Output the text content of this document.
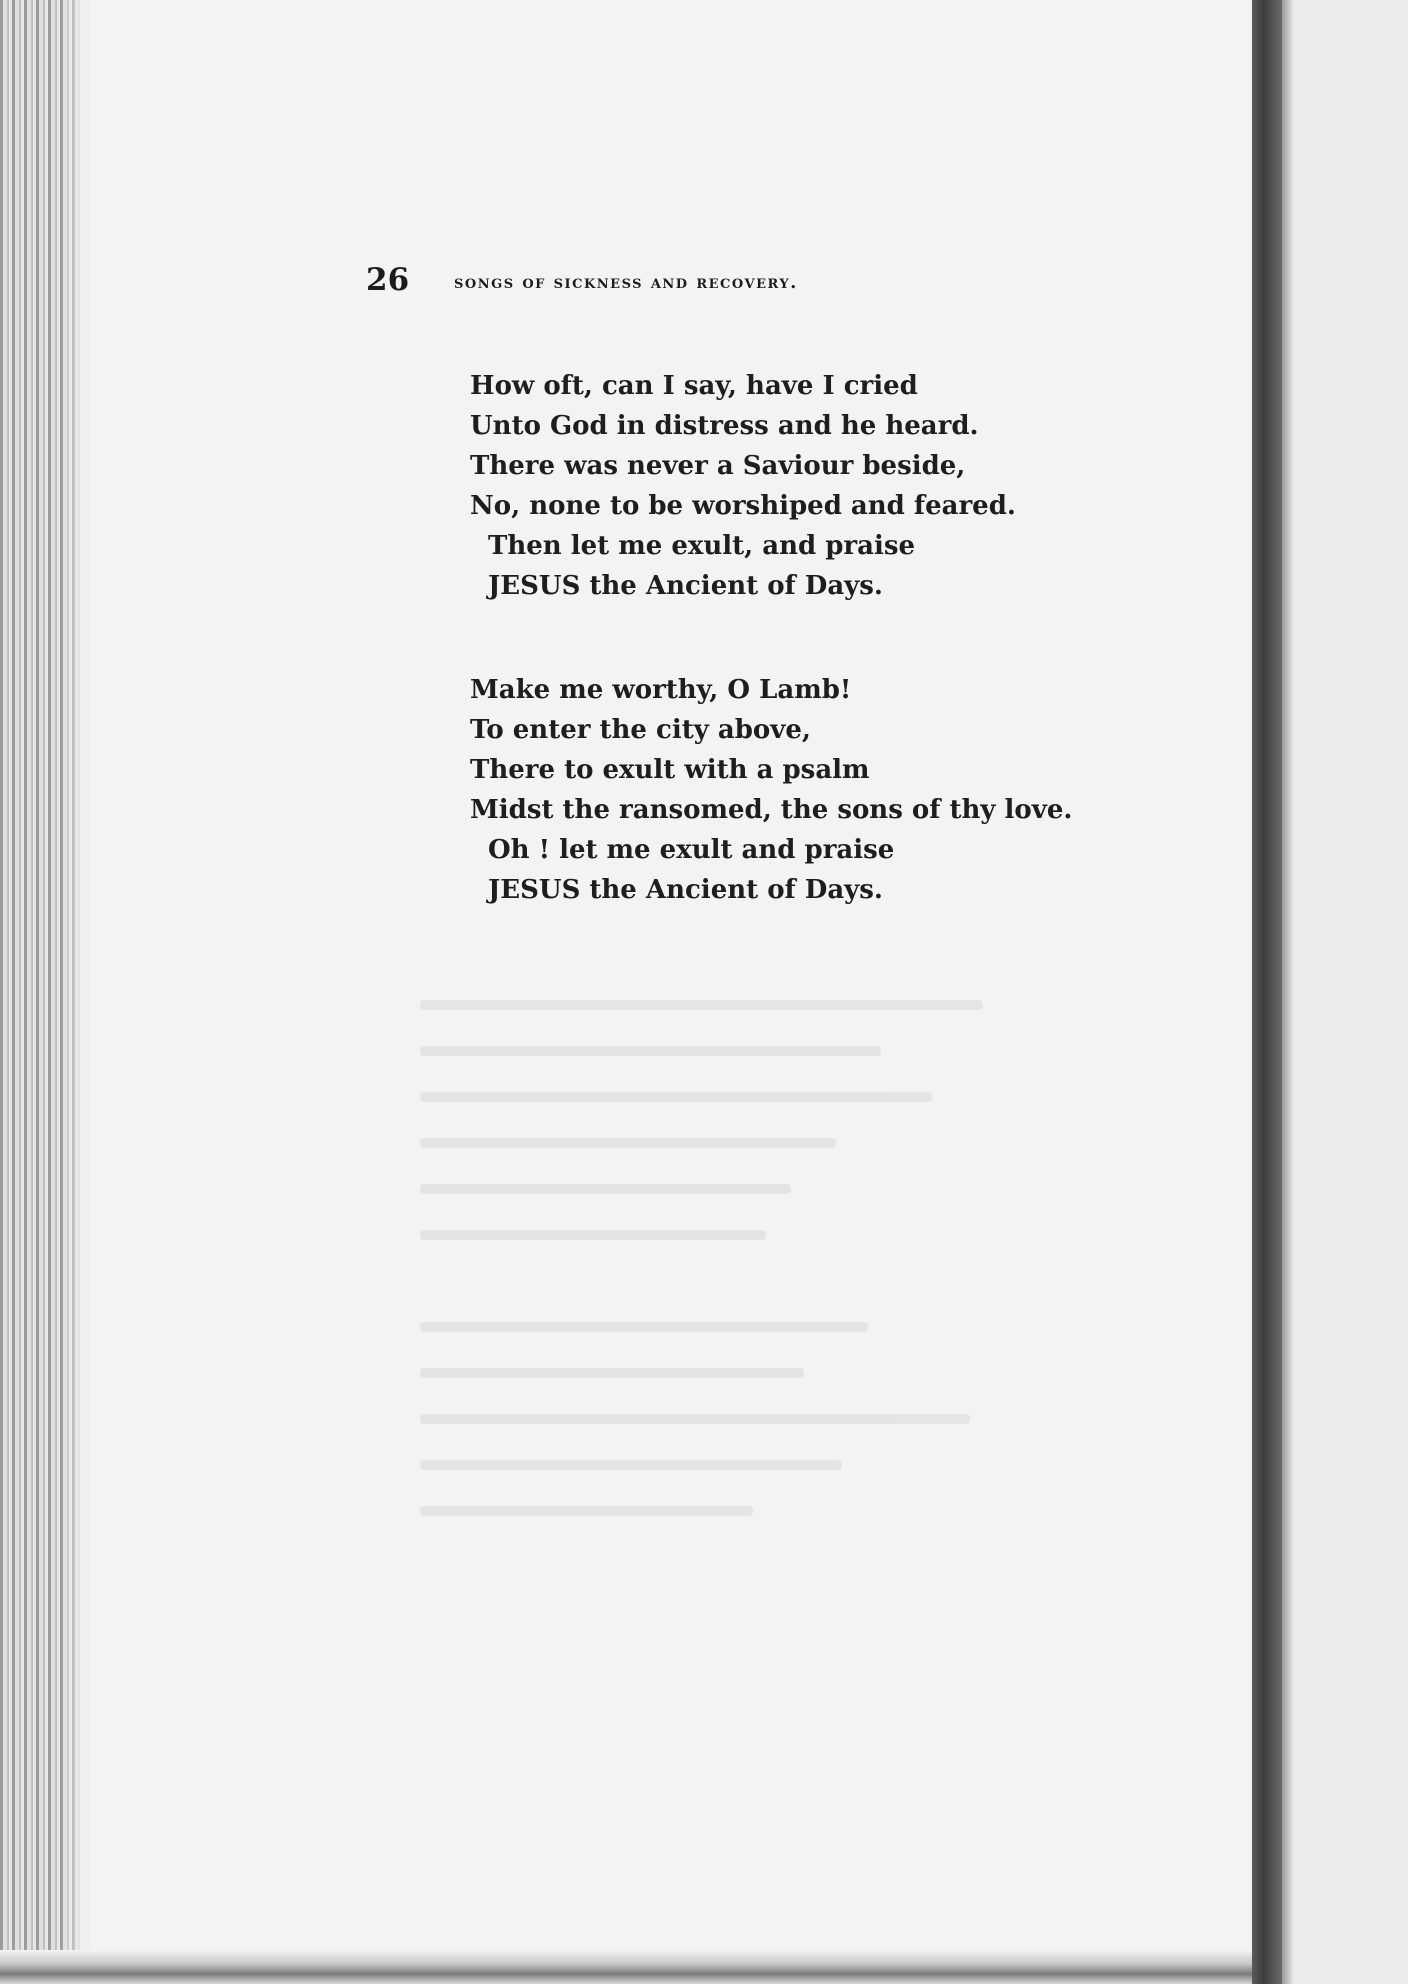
26 songs of sickness and recovery.
How oft, can I say, have I cried
Unto God in distress and he heard.
There was never a Saviour beside,
No, none to be worshiped and feared.
Then let me exult, and praise
JESUS the Ancient of Days.
Make me worthy, O Lamb!
To enter the city above,
There to exult with a psalm
Midst the ransomed, the sons of thy love.
Oh ! let me exult and praise
JESUS the Ancient of Days.
